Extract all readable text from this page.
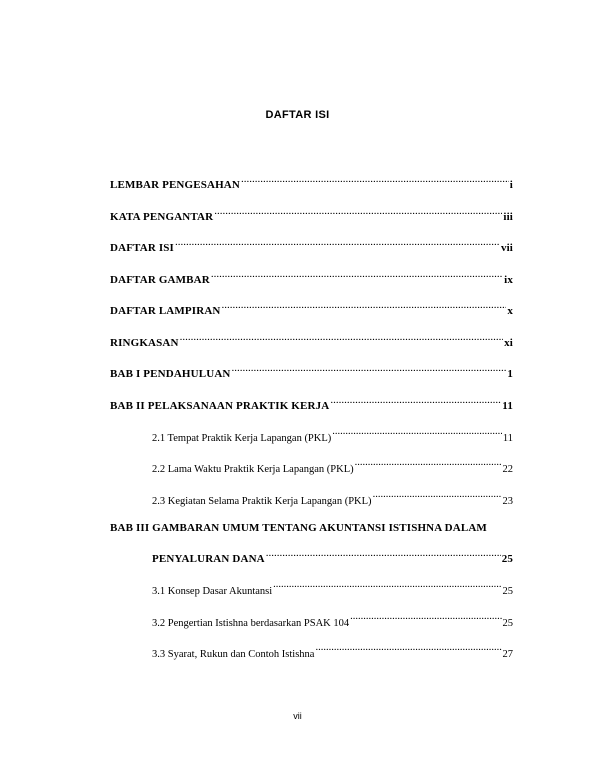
DAFTAR ISI
LEMBAR PENGESAHAN .....	i
KATA PENGANTAR .....	iii
DAFTAR ISI .....	vii
DAFTAR GAMBAR .....	ix
DAFTAR LAMPIRAN .....	x
RINGKASAN .....	xi
BAB I PENDAHULUAN .....	1
BAB II PELAKSANAAN PRAKTIK KERJA .....	11
2.1 Tempat Praktik Kerja Lapangan (PKL) .....	11
2.2 Lama Waktu Praktik Kerja Lapangan (PKL) .....	22
2.3 Kegiatan Selama Praktik Kerja Lapangan (PKL) .....	23
BAB III GAMBARAN UMUM TENTANG AKUNTANSI ISTISHNA DALAM
PENYALURAN DANA .....	25
3.1 Konsep Dasar Akuntansi .....	25
3.2 Pengertian Istishna berdasarkan PSAK 104 .....	25
3.3 Syarat, Rukun dan Contoh Istishna .....	27
vii
